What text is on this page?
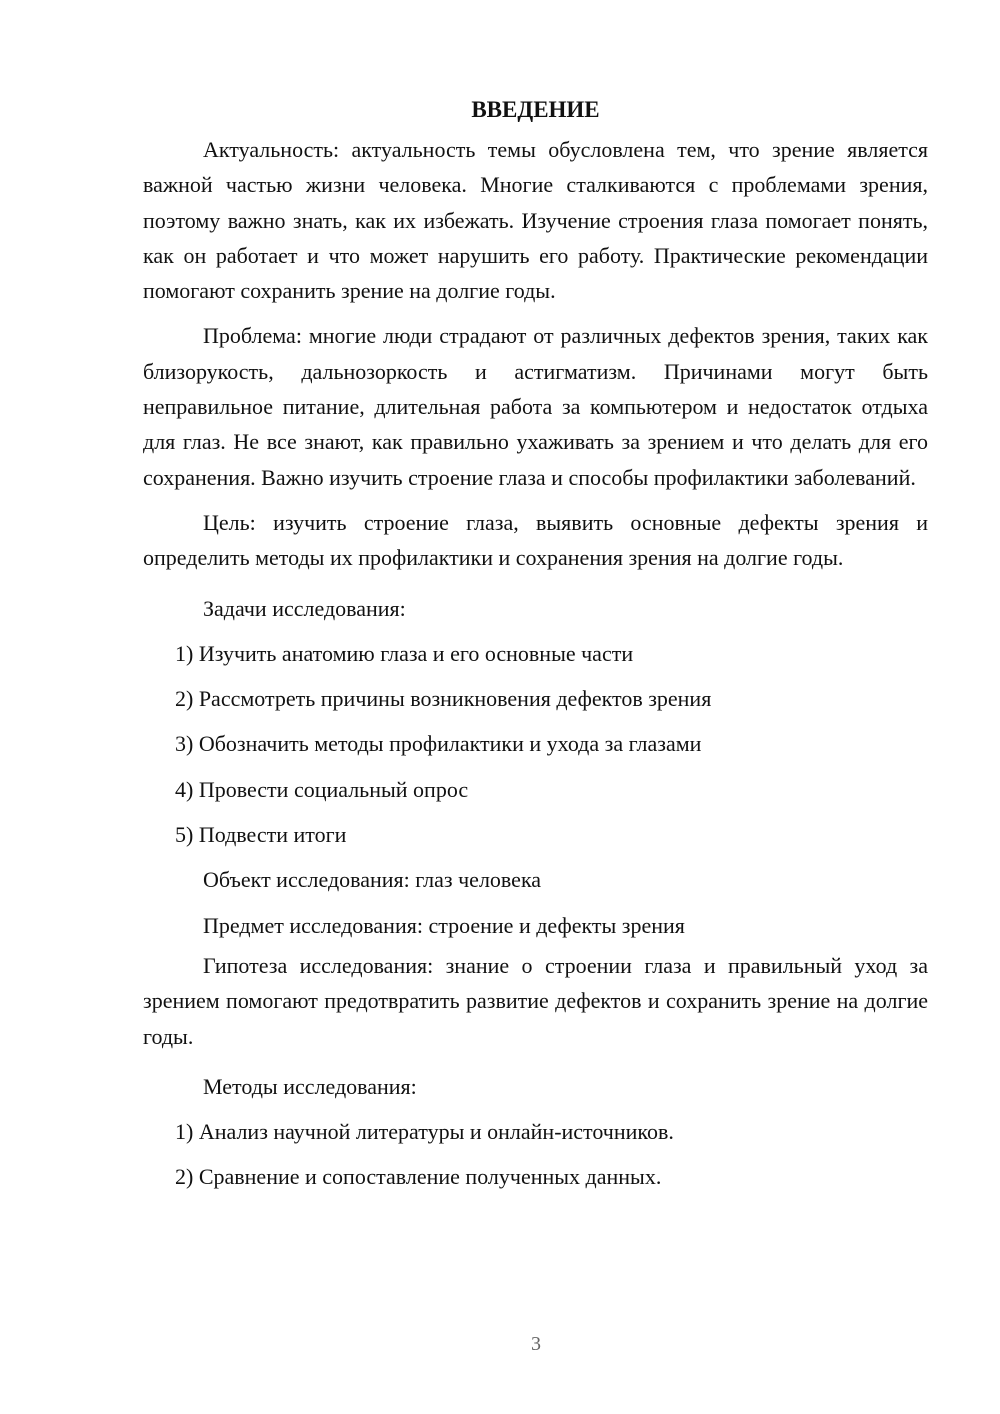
ВВЕДЕНИЕ

Актуальность: актуальность темы обусловлена тем, что зрение является важной частью жизни человека. Многие сталкиваются с проблемами зрения, поэтому важно знать, как их избежать. Изучение строения глаза помогает понять, как он работает и что может нарушить его работу. Практические рекомендации помогают сохранить зрение на долгие годы.

Проблема: многие люди страдают от различных дефектов зрения, таких как близорукость, дальнозоркость и астигматизм. Причинами могут быть неправильное питание, длительная работа за компьютером и недостаток отдыха для глаз. Не все знают, как правильно ухаживать за зрением и что делать для его сохранения. Важно изучить строение глаза и способы профилактики заболеваний.

Цель: изучить строение глаза, выявить основные дефекты зрения и определить методы их профилактики и сохранения зрения на долгие годы.

Задачи исследования:

1) Изучить анатомию глаза и его основные части

2) Рассмотреть причины возникновения дефектов зрения

3) Обозначить методы профилактики и ухода за глазами

4) Провести социальный опрос

5) Подвести итоги

Объект исследования: глаз человека

Предмет исследования: строение и дефекты зрения

Гипотеза исследования: знание о строении глаза и правильный уход за зрением помогают предотвратить развитие дефектов и сохранить зрение на долгие годы.

Методы исследования:

1) Анализ научной литературы и онлайн-источников.

2) Сравнение и сопоставление полученных данных.

3
